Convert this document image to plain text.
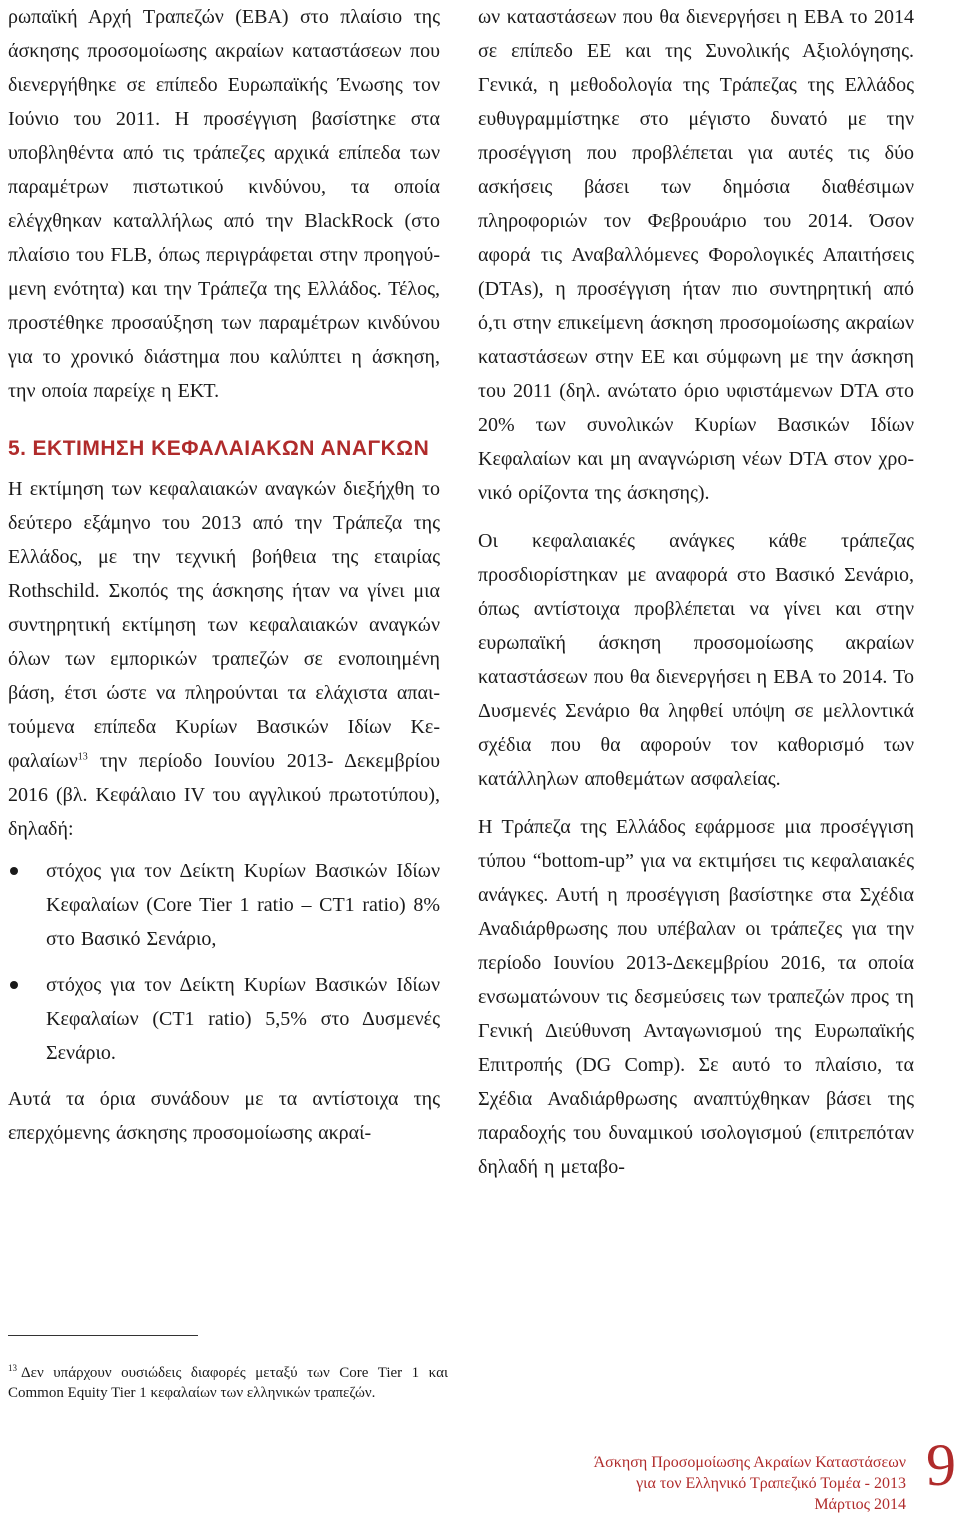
ρωπαϊκή Αρχή Τραπεζών (ΕΒΑ) στο πλαίσιο της άσκησης προσομοίωσης ακραίων καταστάσεων που διενεργήθηκε σε επίπεδο Ευρωπαϊκής Ένωσης τον Ιούνιο του 2011. Η προσέγγιση βασίστηκε στα υποβληθέντα από τις τράπεζες αρχικά επίπεδα των παραμέτρων πιστωτικού κινδύνου, τα οποία ελέγχθηκαν καταλλήλως από την BlackRock (στο πλαίσιο του FLB, όπως περιγράφεται στην προηγούμενη ενότητα) και την Τράπεζα της Ελλάδος. Τέλος, προστέθηκε προσαύξηση των παραμέτρων κινδύνου για το χρονικό διάστημα που καλύπτει η άσκηση, την οποία παρείχε η ΕΚΤ.

5. ΕΚΤΙΜΗΣΗ ΚΕΦΑΛΑΙΑΚΩΝ ΑΝΑΓΚΩΝ

Η εκτίμηση των κεφαλαιακών αναγκών διεξήχθη το δεύτερο εξάμηνο του 2013 από την Τράπεζα της Ελλάδος, με την τεχνική βοήθεια της εταιρίας Rothschild. Σκοπός της άσκησης ήταν να γίνει μια συντηρητική εκτίμηση των κεφαλαιακών αναγκών όλων των εμπορικών τραπεζών σε ενοποιημένη βάση, έτσι ώστε να πληρούνται τα ελάχιστα απαιτούμενα επίπεδα Κυρίων Βασικών Ιδίων Κεφαλαίων$^{13}$ την περίοδο Ιουνίου 2013- Δεκεμβρίου 2016 (βλ. Κεφάλαιο IV του αγγλικού πρωτοτύπου), δηλαδή:

στόχος για τον Δείκτη Κυρίων Βασικών Ιδίων Κεφαλαίων (Core Tier 1 ratio – CT1 ratio) 8% στο Βασικό Σενάριο,

στόχος για τον Δείκτη Κυρίων Βασικών Ιδίων Κεφαλαίων (CT1 ratio) 5,5% στο Δυσμενές Σενάριο.

Αυτά τα όρια συνάδουν με τα αντίστοιχα της επερχόμενης άσκησης προσομοίωσης ακραί-

ων καταστάσεων που θα διενεργήσει η ΕΒΑ το 2014 σε επίπεδο ΕΕ και της Συνολικής Αξιολόγησης. Γενικά, η μεθοδολογία της Τράπεζας της Ελλάδος ευθυγραμμίστηκε στο μέγιστο δυνατό με την προσέγγιση που προβλέπεται για αυτές τις δύο ασκήσεις βάσει των δημόσια διαθέσιμων πληροφοριών τον Φεβρουάριο του 2014. Όσον αφορά τις Αναβαλλόμενες Φορολογικές Απαιτήσεις (DTAs), η προσέγγιση ήταν πιο συντηρητική από ό,τι στην επικείμενη άσκηση προσομοίωσης ακραίων καταστάσεων στην ΕΕ και σύμφωνη με την άσκηση του 2011 (δηλ. ανώτατο όριο υφιστάμενων DTA στο 20% των συνολικών Κυρίων Βασικών Ιδίων Κεφαλαίων και μη αναγνώριση νέων DTA στον χρονικό ορίζοντα της άσκησης).

Οι κεφαλαιακές ανάγκες κάθε τράπεζας προσδιορίστηκαν με αναφορά στο Βασικό Σενάριο, όπως αντίστοιχα προβλέπεται να γίνει και στην ευρωπαϊκή άσκηση προσομοίωσης ακραίων καταστάσεων που θα διενεργήσει η ΕΒΑ το 2014. Το Δυσμενές Σενάριο θα ληφθεί υπόψη σε μελλοντικά σχέδια που θα αφορούν τον καθορισμό των κατάλληλων αποθεμάτων ασφαλείας.

Η Τράπεζα της Ελλάδος εφάρμοσε μια προσέγγιση τύπου “bottom-up” για να εκτιμήσει τις κεφαλαιακές ανάγκες. Αυτή η προσέγγιση βασίστηκε στα Σχέδια Αναδιάρθρωσης που υπέβαλαν οι τράπεζες για την περίοδο Ιουνίου 2013-Δεκεμβρίου 2016, τα οποία ενσωματώνουν τις δεσμεύσεις των τραπεζών προς τη Γενική Διεύθυνση Ανταγωνισμού της Ευρωπαϊκής Επιτροπής (DG Comp). Σε αυτό το πλαίσιο, τα Σχέδια Αναδιάρθρωσης αναπτύχθηκαν βάσει της παραδοχής του δυναμικού ισολογισμού (επιτρεπόταν δηλαδή η μεταβο-

$^{13}$ Δεν υπάρχουν ουσιώδεις διαφορές μεταξύ των Core Tier 1 και Common Equity Tier 1 κεφαλαίων των ελληνικών τραπεζών.
Άσκηση Προσομοίωσης Ακραίων Καταστάσεων
για τον Ελληνικό Τραπεζικό Τομέα - 2013
Μάρτιος 2014
9
